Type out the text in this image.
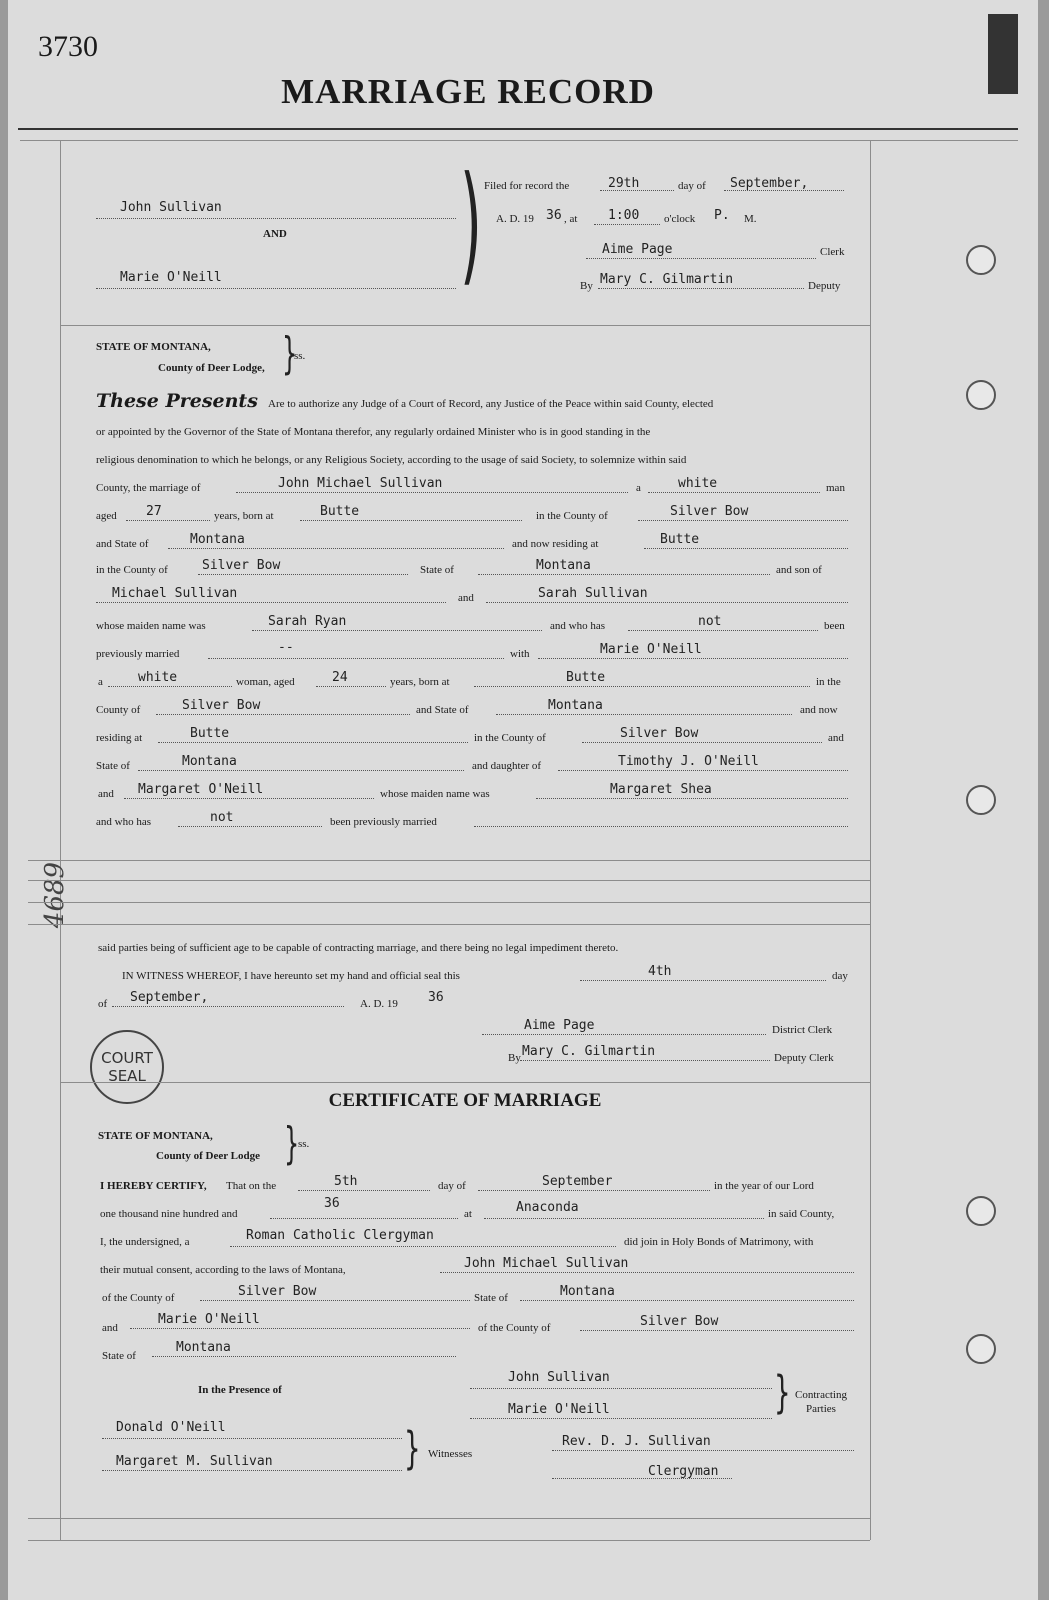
3730
MARRIAGE RECORD
4689
John Sullivan
AND
Marie O'Neill	) Filed for record the	29th	day of September,
A. D. 19 36 , at 1:00 o'clock P. M.
Aime Page	Clerk
By Mary C. Gilmartin	Deputy
STATE OF MONTANA,
County of Deer Lodge, }
ss.
These Presents Are to authorize any Judge of a Court of Record, any Justice of the Peace within said County, elected
or appointed by the Governor of the State of Montana therefor, any regularly ordained Minister who is in good standing in the
religious denomination to which he belongs, or any Religious Society, according to the usage of said Society, to solemnize within said
County, the marriage of	John Michael Sullivan	a	white	man
aged 27	years, born at	Butte	in the County of	Silver Bow
and State of	Montana	and now residing at	Butte
in the County of	Silver Bow	State of	Montana	and son of
Michael Sullivan	and	Sarah Sullivan
whose maiden name was	Sarah Ryan	and who has	not	been
previously married	--	with	Marie O'Neill
a	white	woman, aged	24	years, born at	Butte	in the
County of	Silver Bow	and State of	Montana	and now
residing at	Butte	in the County of	Silver Bow	and
State of	Montana	and daughter of	Timothy J. O'Neill
and Margaret O'Neill	whose maiden name was	Margaret Shea
and who has	not	been previously married
said parties being of sufficient age to be capable of contracting marriage, and there being no legal impediment thereto.
IN WITNESS WHEREOF, I have hereunto set my hand and official seal this	4th	day
of September,	A. D. 19 36
COURT
SEAL
Aime Page	District Clerk
By Mary C. Gilmartin	Deputy Clerk
CERTIFICATE OF MARRIAGE
STATE OF MONTANA,
County of Deer Lodge }
ss.
I HEREBY CERTIFY, That on the	5th	day of	September	in the year of our Lord
one thousand nine hundred and
36
at	Anaconda	in said County,
I, the undersigned, a	Roman Catholic Clergyman	did join in Holy Bonds of Matrimony, with
their mutual consent, according to the laws of Montana,	John Michael Sullivan
of the County of	Silver Bow	State of	Montana
and
Marie O'Neill
of the County of	Silver Bow
State of
Montana
In the Presence of
John Sullivan
Marie O'Neill	} Contracting
Parties
Donald O'Neill
Margaret M. Sullivan	} Witnesses
Rev. D. J. Sullivan
Clergyman
